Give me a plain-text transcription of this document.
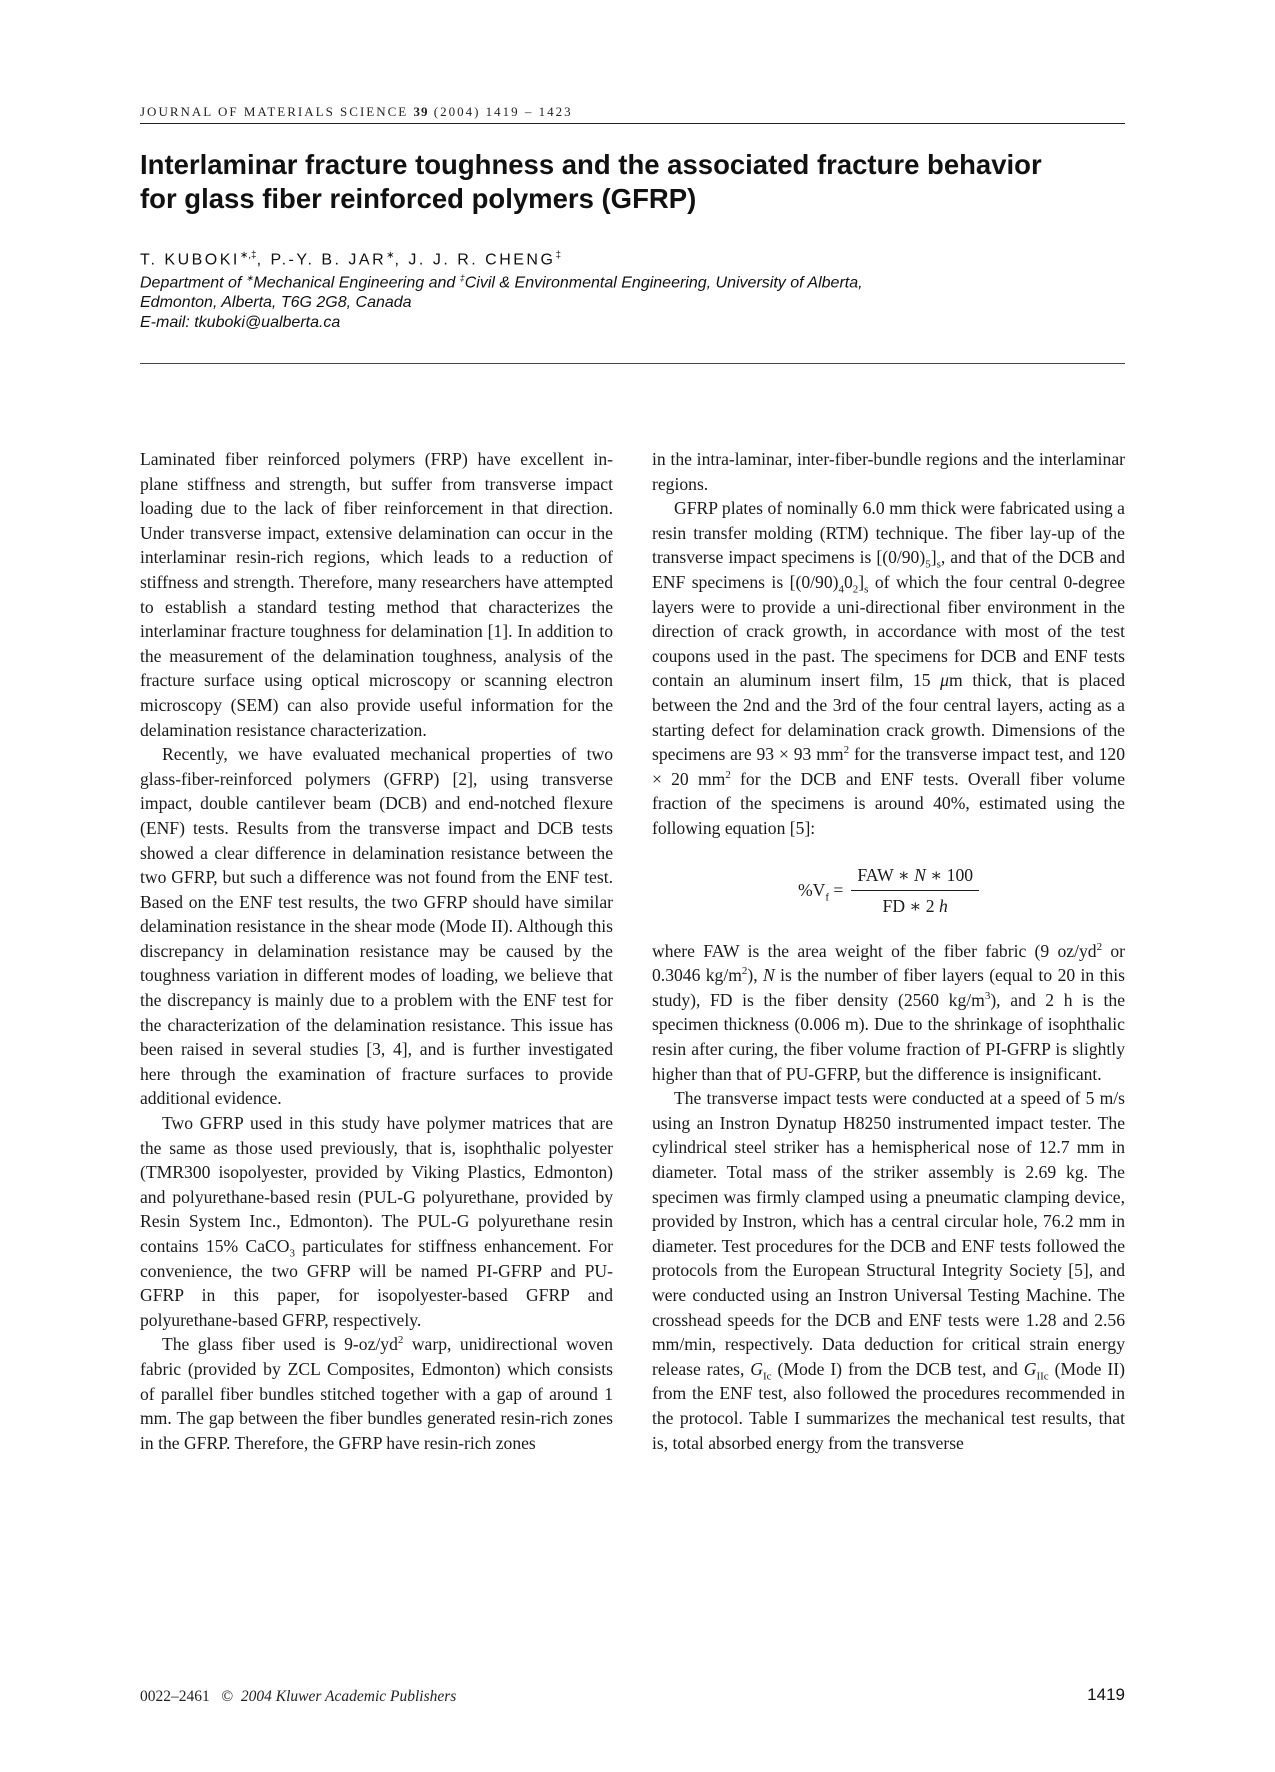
JOURNAL OF MATERIALS SCIENCE 39 (2004) 1419 – 1423
Interlaminar fracture toughness and the associated fracture behavior
for glass fiber reinforced polymers (GFRP)
T. KUBOKI∗,‡, P.-Y. B. JAR∗, J. J. R. CHENG‡
Department of ∗Mechanical Engineering and ‡Civil & Environmental Engineering, University of Alberta,
Edmonton, Alberta, T6G 2G8, Canada
E-mail: tkuboki@ualberta.ca

Laminated fiber reinforced polymers (FRP) have excellent in-plane stiffness and strength, but suffer from transverse impact loading due to the lack of fiber reinforcement in that direction. Under transverse impact, extensive delamination can occur in the interlaminar resin-rich regions, which leads to a reduction of stiffness and strength. Therefore, many researchers have attempted to establish a standard testing method that characterizes the interlaminar fracture toughness for delamination [1]. In addition to the measurement of the delamination toughness, analysis of the fracture surface using optical microscopy or scanning electron microscopy (SEM) can also provide useful information for the delamination resistance characterization.

Recently, we have evaluated mechanical properties of two glass-fiber-reinforced polymers (GFRP) [2], using transverse impact, double cantilever beam (DCB) and end-notched flexure (ENF) tests. Results from the transverse impact and DCB tests showed a clear difference in delamination resistance between the two GFRP, but such a difference was not found from the ENF test. Based on the ENF test results, the two GFRP should have similar delamination resistance in the shear mode (Mode II). Although this discrepancy in delamination resistance may be caused by the toughness variation in different modes of loading, we believe that the discrepancy is mainly due to a problem with the ENF test for the characterization of the delamination resistance. This issue has been raised in several studies [3, 4], and is further investigated here through the examination of fracture surfaces to provide additional evidence.

Two GFRP used in this study have polymer matrices that are the same as those used previously, that is, isophthalic polyester (TMR300 isopolyester, provided by Viking Plastics, Edmonton) and polyurethane-based resin (PUL-G polyurethane, provided by Resin System Inc., Edmonton). The PUL-G polyurethane resin contains 15% CaCO$_3$ particulates for stiffness enhancement. For convenience, the two GFRP will be named PI-GFRP and PU-GFRP in this paper, for isopolyester-based GFRP and polyurethane-based GFRP, respectively.

The glass fiber used is $9-oz/yd^2$ warp, unidirectional woven fabric (provided by ZCL Composites, Edmonton) which consists of parallel fiber bundles stitched together with a gap of around 1 mm. The gap between the fiber bundles generated resin-rich zones in the GFRP. Therefore, the GFRP have resin-rich zones

in the intra-laminar, inter-fiber-bundle regions and the interlaminar regions.

GFRP plates of nominally 6.0 mm thick were fabricated using a resin transfer molding (RTM) technique. The fiber lay-up of the transverse impact specimens is $[(0/90)_5]_s$, and that of the DCB and ENF specimens is $[(0/90)_40_2]_s$ of which the four central 0-degree layers were to provide a uni-directional fiber environment in the direction of crack growth, in accordance with most of the test coupons used in the past. The specimens for DCB and ENF tests contain an aluminum insert film, 15 μm thick, that is placed between the 2nd and the 3rd of the four central layers, acting as a starting defect for delamination crack growth. Dimensions of the specimens are 93 × 93 $mm^2$ for the transverse impact test, and 120 × 20 $mm^2$ for the DCB and ENF tests. Overall fiber volume fraction of the specimens is around 40%, estimated using the following equation [5]:

$\%V_f = \frac{\text{FAW ∗ N ∗ 100}}{FD ∗ 2 h}$

where FAW is the area weight of the fiber fabric (9 $oz/yd^2$ or 0.3046 $kg/m^2$), N is the number of fiber layers (equal to 20 in this study), FD is the fiber density (2560 $kg/m^3$), and 2 h is the specimen thickness (0.006 m). Due to the shrinkage of isophthalic resin after curing, the fiber volume fraction of PI-GFRP is slightly higher than that of PU-GFRP, but the difference is insignificant.

The transverse impact tests were conducted at a speed of 5 m/s using an Instron Dynatup H8250 instrumented impact tester. The cylindrical steel striker has a hemispherical nose of 12.7 mm in diameter. Total mass of the striker assembly is 2.69 kg. The specimen was firmly clamped using a pneumatic clamping device, provided by Instron, which has a central circular hole, 76.2 mm in diameter. Test procedures for the DCB and ENF tests followed the protocols from the European Structural Integrity Society [5], and were conducted using an Instron Universal Testing Machine. The crosshead speeds for the DCB and ENF tests were 1.28 and 2.56 mm/min, respectively. Data deduction for critical strain energy release rates, $G_{Ic}$ (Mode I) from the DCB test, and $G_{IIc}$ (Mode II) from the ENF test, also followed the procedures recommended in the protocol. Table I summarizes the mechanical test results, that is, total absorbed energy from the transverse

0022–2461 © 2004 Kluwer Academic Publishers	1419
